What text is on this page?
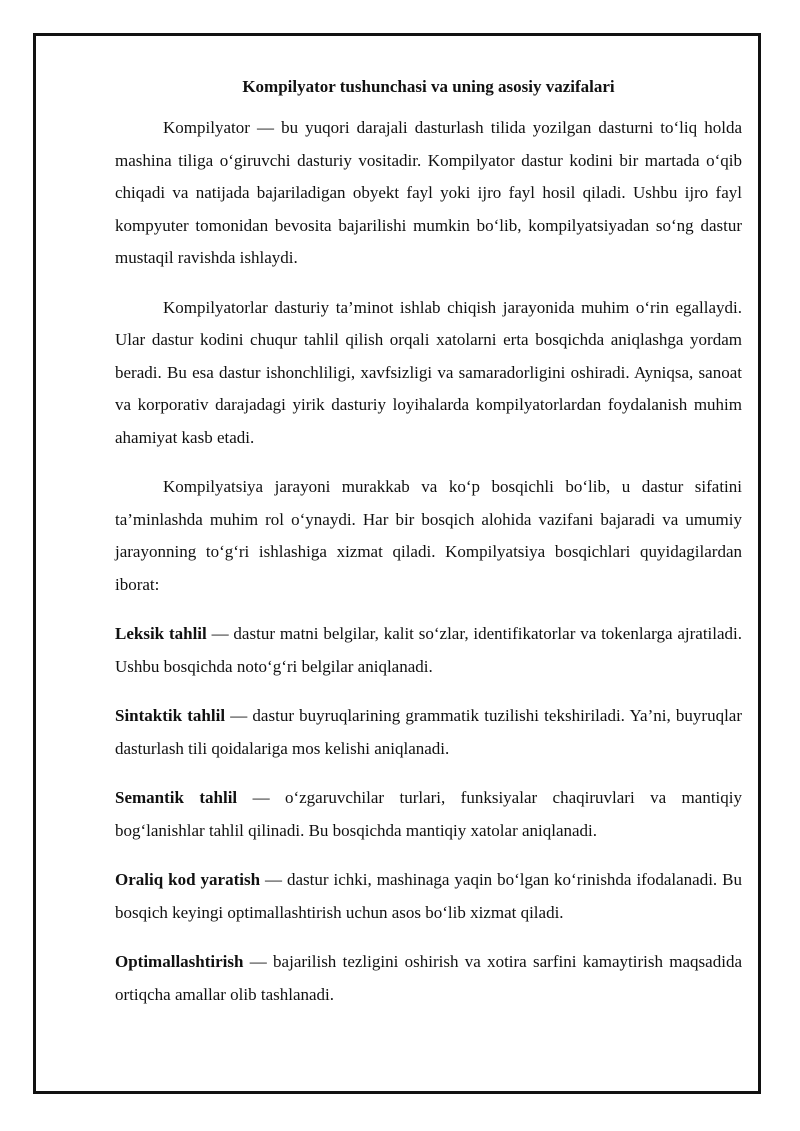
Kompilyator tushunchasi va uning asosiy vazifalari

Kompilyator — bu yuqori darajali dasturlash tilida yozilgan dasturni to‘liq holda mashina tiliga o‘giruvchi dasturiy vositadir. Kompilyator dastur kodini bir martada o‘qib chiqadi va natijada bajariladigan obyekt fayl yoki ijro fayl hosil qiladi. Ushbu ijro fayl kompyuter tomonidan bevosita bajarilishi mumkin bo‘lib, kompilyatsiyadan so‘ng dastur mustaqil ravishda ishlaydi.

Kompilyatorlar dasturiy ta’minot ishlab chiqish jarayonida muhim o‘rin egallaydi. Ular dastur kodini chuqur tahlil qilish orqali xatolarni erta bosqichda aniqlashga yordam beradi. Bu esa dastur ishonchliligi, xavfsizligi va samaradorligini oshiradi. Ayniqsa, sanoat va korporativ darajadagi yirik dasturiy loyihalarda kompilyatorlardan foydalanish muhim ahamiyat kasb etadi.

Kompilyatsiya jarayoni murakkab va ko‘p bosqichli bo‘lib, u dastur sifatini ta’minlashda muhim rol o‘ynaydi. Har bir bosqich alohida vazifani bajaradi va umumiy jarayonning to‘g‘ri ishlashiga xizmat qiladi. Kompilyatsiya bosqichlari quyidagilardan iborat:

Leksik tahlil — dastur matni belgilar, kalit so‘zlar, identifikatorlar va tokenlarga ajratiladi. Ushbu bosqichda noto‘g‘ri belgilar aniqlanadi.

Sintaktik tahlil — dastur buyruqlarining grammatik tuzilishi tekshiriladi. Ya’ni, buyruqlar dasturlash tili qoidalariga mos kelishi aniqlanadi.

Semantik tahlil — o‘zgaruvchilar turlari, funksiyalar chaqiruvlari va mantiqiy bog‘lanishlar tahlil qilinadi. Bu bosqichda mantiqiy xatolar aniqlanadi.

Oraliq kod yaratish — dastur ichki, mashinaga yaqin bo‘lgan ko‘rinishda ifodalanadi. Bu bosqich keyingi optimallashtirish uchun asos bo‘lib xizmat qiladi.

Optimallashtirish — bajarilish tezligini oshirish va xotira sarfini kamaytirish maqsadida ortiqcha amallar olib tashlanadi.
